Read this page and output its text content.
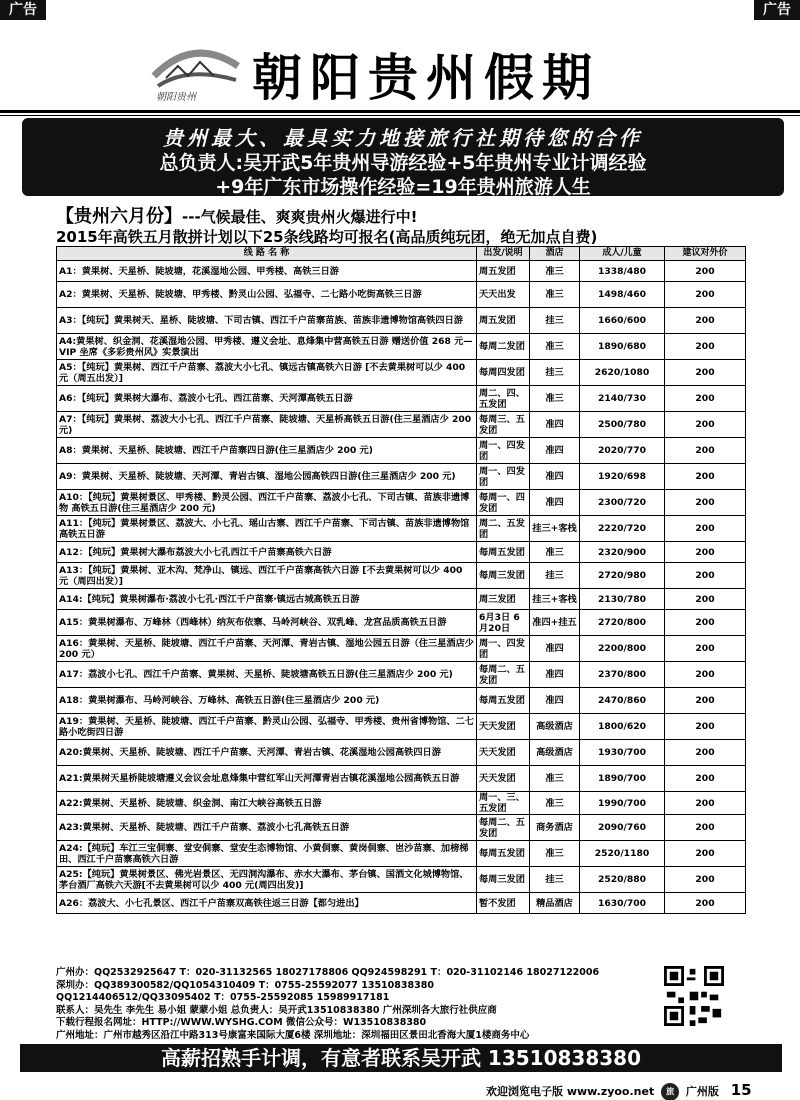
广告	广告
朝阳贵州 朝阳贵州假期
贵州最大、最具实力地接旅行社期待您的合作
总负责人:吴开武5年贵州导游经验+5年贵州专业计调经验
+9年广东市场操作经验=19年贵州旅游人生
【贵州六月份】---气候最佳、爽爽贵州火爆进行中!
2015年高铁五月散拼计划以下25条线路均可报名(高品质纯玩团，绝无加点自费)
线 路 名 称	出发/说明	酒店	成人/儿童	建议对外价
A1：黄果树、天星桥、陡坡塘，花溪湿地公园、甲秀楼、高铁三日游	周五发团	准三	1338/480	200
A2：黄果树、天星桥、陡坡塘、甲秀楼、黔灵山公园、弘福寺、二七路小吃街高铁三日游	天天出发	准三	1498/460	200
A3：【纯玩】黄果树天、星桥、陡坡塘、下司古镇、西江千户苗寨苗族、苗族非遗博物馆高铁四日游	周五发团	挂三	1660/600	200
A4:黄果树、织金洞、花溪湿地公园、甲秀楼、遵义会址、息烽集中营高铁五日游 赠送价值 268 元—VIP 坐席《多彩贵州风》实景演出	每周二发团	准三	1890/680	200
A5：【纯玩】黄果树、西江千户苗寨、荔波大小七孔、镇远古镇高铁六日游 [不去黄果树可以少 400 元（周五出发）]	每周四发团	挂三	2620/1080	200
A6：【纯玩】黄果树大瀑布、荔波小七孔、西江苗寨、天河潭高铁五日游	周二、四、五发团	准三	2140/730	200
A7：【纯玩】黄果树、荔波大小七孔、西江千户苗寨、陡坡塘、天星桥高铁五日游(住三星酒店少 200 元)	每周三、五发团	准四	2500/780	200
A8：黄果树、天星桥、陡坡塘、西江千户苗寨四日游(住三星酒店少 200 元)	周一、四发团	准四	2020/770	200
A9：黄果树、天星桥、陡坡塘、天河潭、青岩古镇、湿地公园高铁四日游(住三星酒店少 200 元)	周一、四发团	准四	1920/698	200
A10：【纯玩】黄果树景区、甲秀楼、黔灵公园、西江千户苗寨、荔波小七孔、下司古镇、苗族非遗博物 高铁五日游(住三星酒店少 200 元)	每周一、四发团	准四	2300/720	200
A11：【纯玩】黄果树景区、荔波大、小七孔、瑶山古寨、西江千户苗寨、下司古镇、苗族非遗博物馆高铁五日游	周二、五发团	挂三+客栈	2220/720	200
A12：【纯玩】黄果树大瀑布荔波大小七孔西江千户苗寨高铁六日游	每周五发团	准三	2320/900	200
A13：【纯玩】黄果树、亚木沟、梵净山、镇远、西江千户苗寨高铁六日游 [不去黄果树可以少 400 元（周四出发）]	每周三发团	挂三	2720/980	200
A14:【纯玩】黄果树瀑布·荔波小七孔·西江千户苗寨·镇远古城高铁五日游	周三发团	挂三+客栈	2130/780	200
A15：黄果树瀑布、万峰林（西峰林）纳灰布依寨、马岭河峡谷、双乳峰、龙宫品质高铁五日游	6月3日 6月20日	准四+挂五	2720/800	200
A16：黄果树、天星桥、陡坡塘、西江千户苗寨、天河潭、青岩古镇、湿地公园五日游（住三星酒店少 200 元）	周一、四发团	准四	2200/800	200
A17：荔波小七孔、西江千户苗寨、黄果树、天星桥、陡坡塘高铁五日游(住三星酒店少 200 元)	每周二、五发团	准四	2370/800	200
A18：黄果树瀑布、马岭河峡谷、万峰林、高铁五日游(住三星酒店少 200 元)	每周五发团	准四	2470/860	200
A19：黄果树、天星桥、陡坡塘、西江千户苗寨、黔灵山公园、弘福寺、甲秀楼、贵州省博物馆、二七路小吃街四日游	天天发团	高级酒店	1800/620	200
A20:黄果树、天星桥、陡坡塘、西江千户苗寨、天河潭、青岩古镇、花溪湿地公园高铁四日游	天天发团	高级酒店	1930/700	200
A21:黄果树天星桥陡坡塘遵义会议会址息烽集中营红军山天河潭青岩古镇花溪湿地公园高铁五日游	天天发团	准三	1890/700	200
A22:黄果树、天星桥、陡坡塘、织金洞、南江大峡谷高铁五日游	周一、三、五发团	准三	1990/700	200
A23:黄果树、天星桥、陡坡塘、西江千户苗寨、荔波小七孔高铁五日游	每周二、五发团	商务酒店	2090/760	200
A24:【纯玩】车江三宝侗寨、堂安侗寨、堂安生态博物馆、小黄侗寨、黄岗侗寨、岜沙苗寨、加榜梯田、西江千户苗寨高铁六日游	每周五发团	准三	2520/1180	200
A25:【纯玩】黄果树景区、佛光岩景区、无四洞沟瀑布、赤水大瀑布、茅台镇、国酒文化城博物馆、茅台酒厂高铁六天游[不去黄果树可以少 400 元(周四出发)]	每周三发团	挂三	2520/880	200
A26：荔波大、小七孔景区、西江千户苗寨双高铁往返三日游【都匀进出】	暂不发团	精品酒店	1630/700	200
广州办：QQ2532925647 T：020-31132565 18027178806 QQ924598291 T：020-31102146 18027122006
深圳办：QQ389300582/QQ1054310409 T：0755-25592077 13510838380
QQ1214406512/QQ33095402 T：0755-25592085 15989917181
联系人：吴先生 李先生 易小姐 蒙蒙小姐 总负责人：吴开武13510838380 广州深圳各大旅行社供应商
下载行程报名网址：HTTP://WWW.WYSHG.COM 微信公众号：W13510838380
广州地址：广州市越秀区沿江中路313号康富来国际大厦6楼 深圳地址：深圳福田区景田北香海大厦1楼商务中心
高薪招熟手计调，有意者联系吴开武 13510838380
欢迎浏览电子版 www.zyoo.net 旅 广州版 15
